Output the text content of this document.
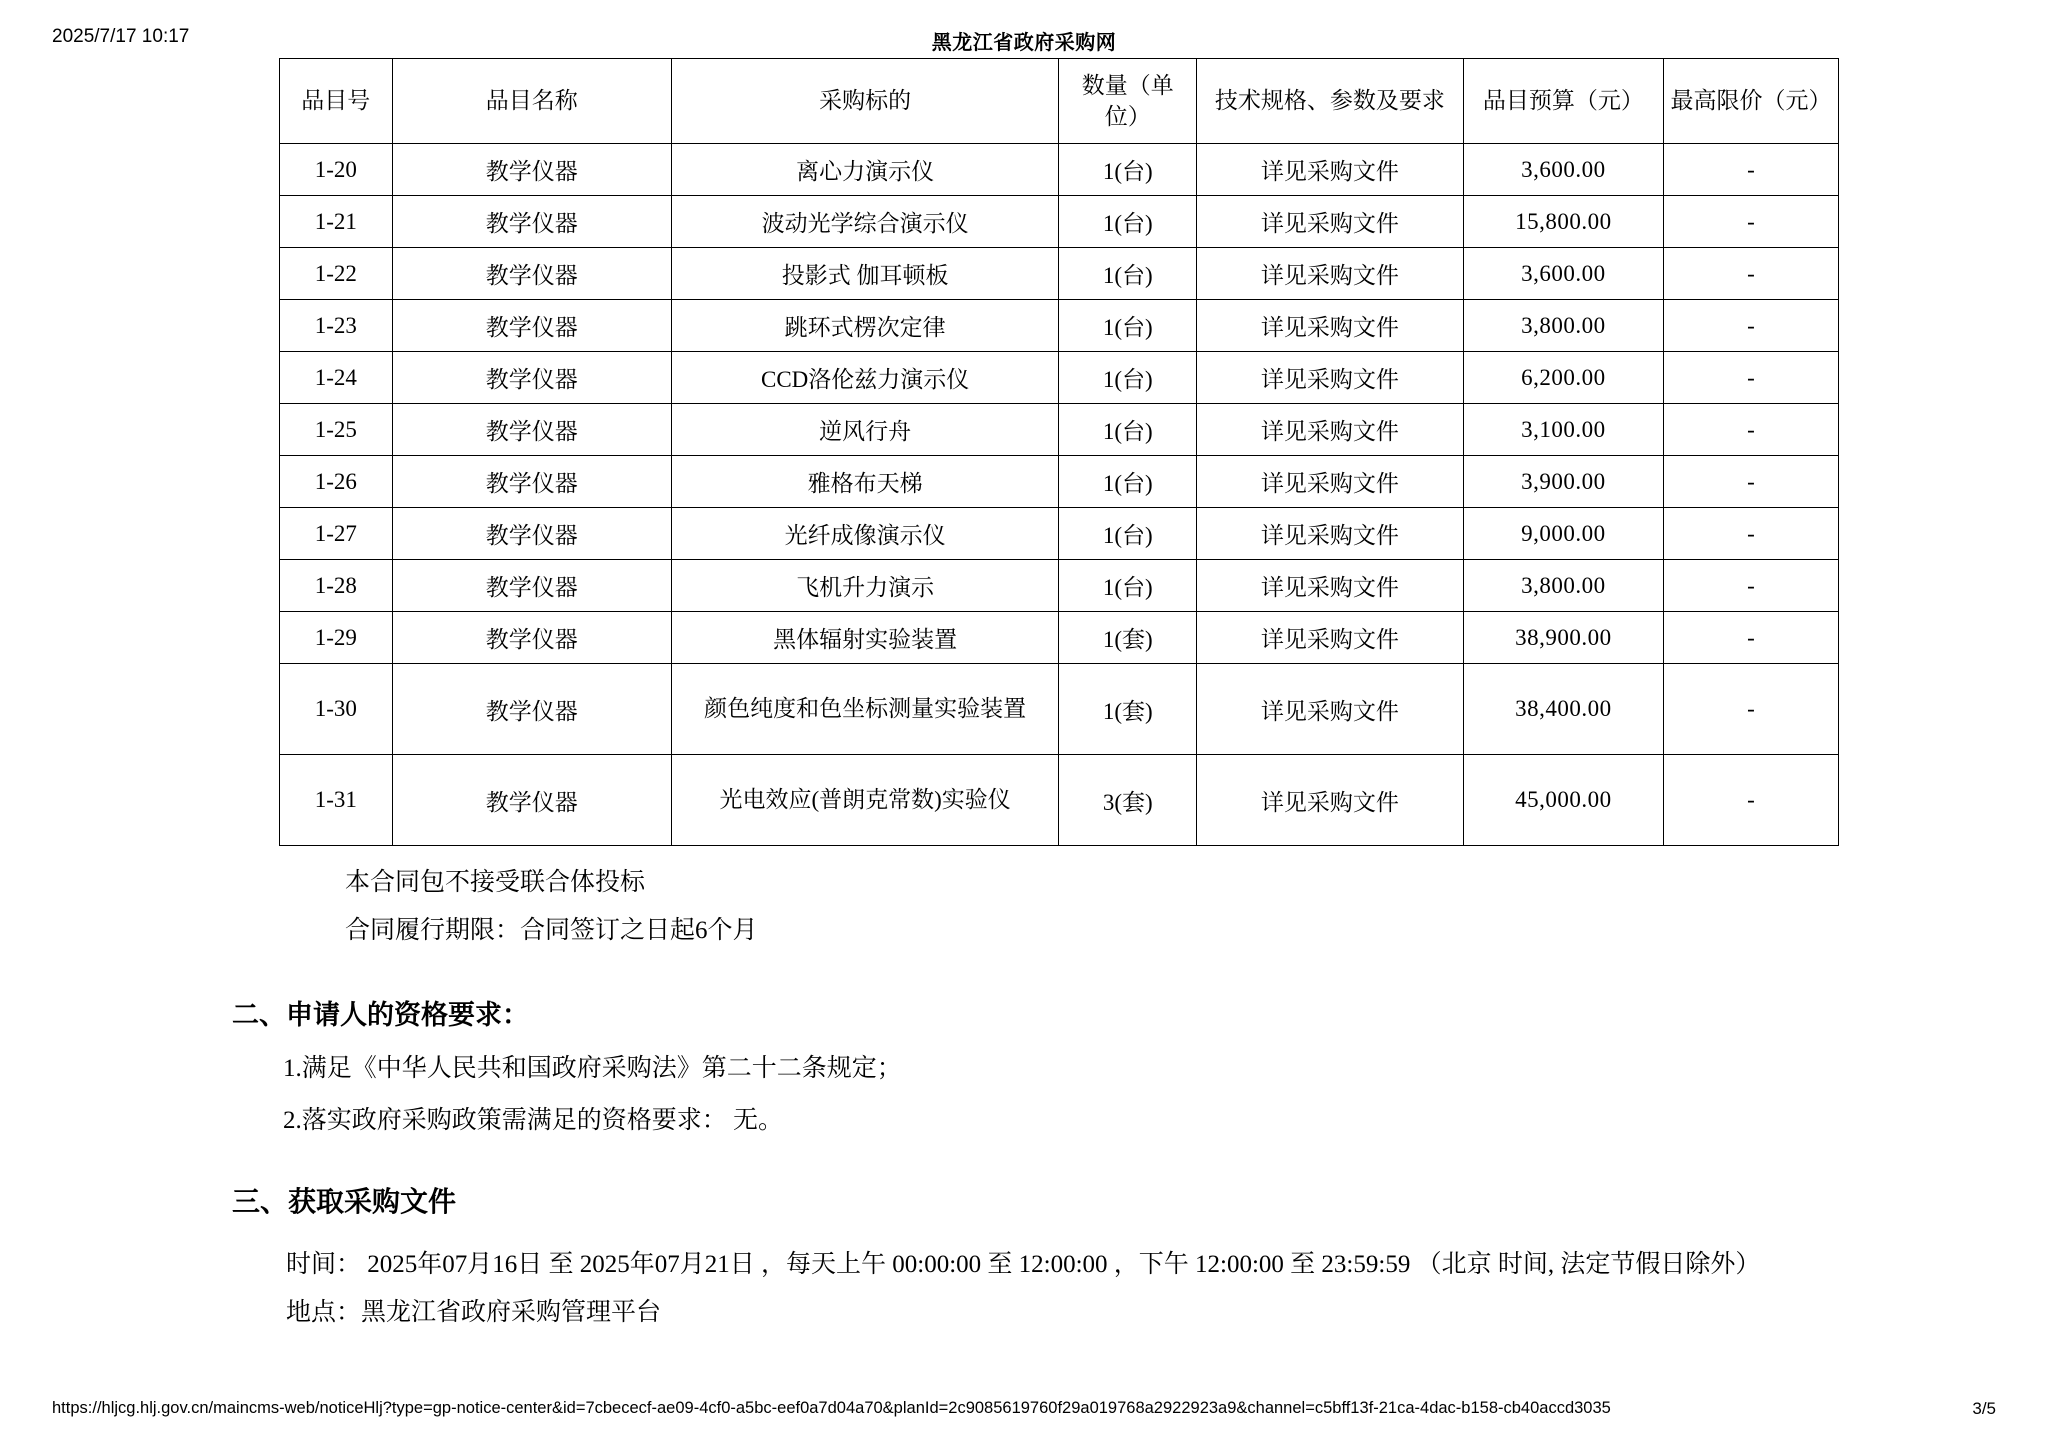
2025/7/17 10:17	黑龙江省政府采购网
品目号	品目名称	采购标的	数量（单位）	技术规格、参数及要求	品目预算（元）	最高限价（元）
1-20	教学仪器	离心力演示仪	1(台)	详见采购文件	3,600.00	-
1-21	教学仪器	波动光学综合演示仪	1(台)	详见采购文件	15,800.00	-
1-22	教学仪器	投影式 伽耳顿板	1(台)	详见采购文件	3,600.00	-
1-23	教学仪器	跳环式楞次定律	1(台)	详见采购文件	3,800.00	-
1-24	教学仪器	CCD洛伦兹力演示仪	1(台)	详见采购文件	6,200.00	-
1-25	教学仪器	逆风行舟	1(台)	详见采购文件	3,100.00	-
1-26	教学仪器	雅格布天梯	1(台)	详见采购文件	3,900.00	-
1-27	教学仪器	光纤成像演示仪	1(台)	详见采购文件	9,000.00	-
1-28	教学仪器	飞机升力演示	1(台)	详见采购文件	3,800.00	-
1-29	教学仪器	黑体辐射实验装置	1(套)	详见采购文件	38,900.00	-
1-30	教学仪器	颜色纯度和色坐标测量实验装置	1(套)	详见采购文件	38,400.00	-
1-31	教学仪器	光电效应(普朗克常数)实验仪	3(套)	详见采购文件	45,000.00	-
本合同包不接受联合体投标
合同履行期限：合同签订之日起6个月
二、申请人的资格要求：
1.满足《中华人民共和国政府采购法》第二十二条规定；
2.落实政府采购政策需满足的资格要求： 无。
三、获取采购文件
时间： 2025年07月16日 至 2025年07月21日 ，每天上午 00:00:00 至 12:00:00 ，下午 12:00:00 至 23:59:59 （北京 时间, 法定节假日除外）
地点：黑龙江省政府采购管理平台
https://hljcg.hlj.gov.cn/maincms-web/noticeHlj?type=gp-notice-center&id=7cbececf-ae09-4cf0-a5bc-eef0a7d04a70&planId=2c9085619760f29a019768a2922923a9&channel=c5bff13f-21ca-4dac-b158-cb40accd3035	3/5
